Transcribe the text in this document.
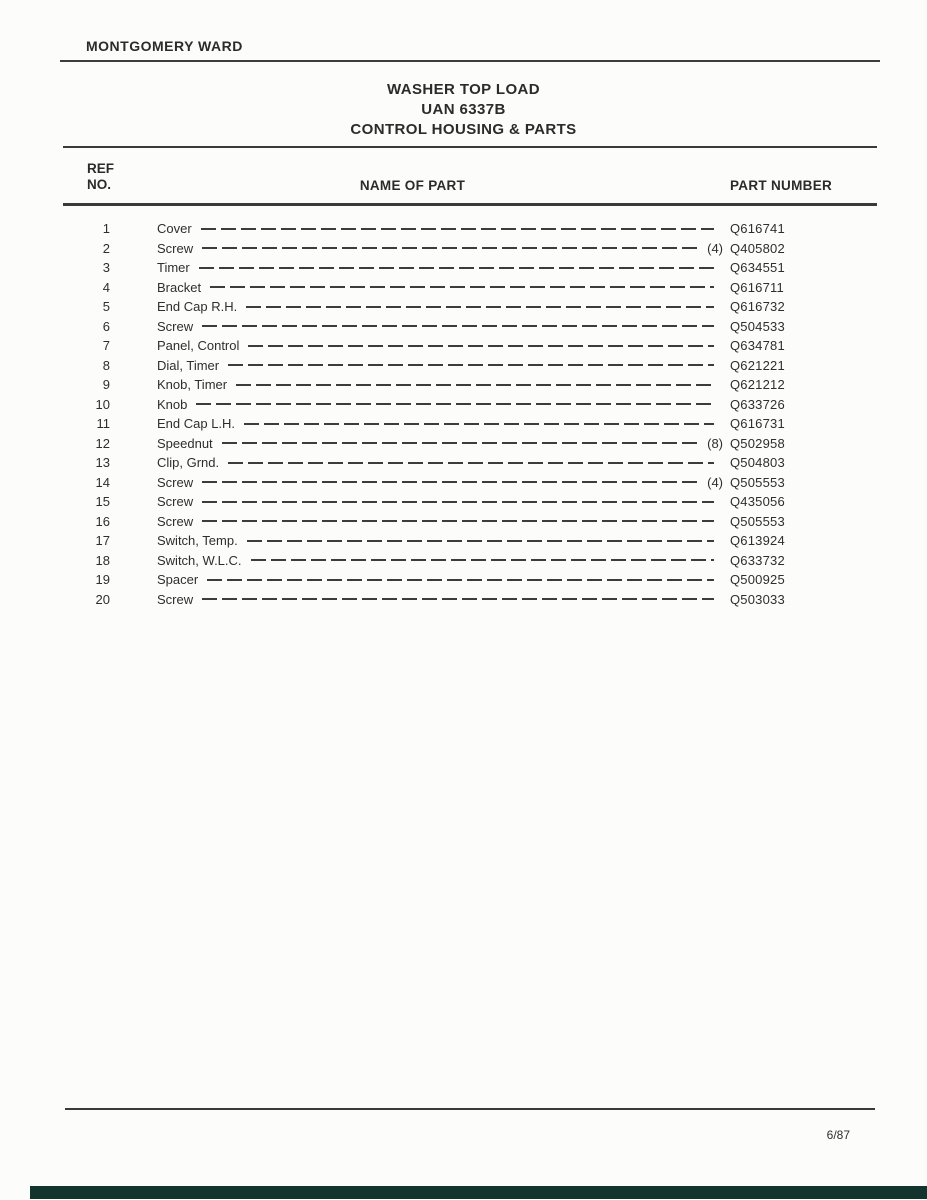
MONTGOMERY WARD
WASHER TOP LOAD
UAN 6337B
CONTROL HOUSING & PARTS
REF
NO.	NAME OF PART	PART NUMBER
1	Cover	Q616741
2	Screw	(4) Q405802
3	Timer	Q634551
4	Bracket	Q616711
5	End Cap R.H.	Q616732
6	Screw	Q504533
7	Panel, Control	Q634781
8	Dial, Timer	Q621221
9	Knob, Timer	Q621212
10	Knob	Q633726
11	End Cap L.H.	Q616731
12	Speednut	(8) Q502958
13	Clip, Grnd.	Q504803
14	Screw	(4) Q505553
15	Screw	Q435056
16	Screw	Q505553
17	Switch, Temp.	Q613924
18	Switch, W.L.C.	Q633732
19	Spacer	Q500925
20	Screw	Q503033
6/87
